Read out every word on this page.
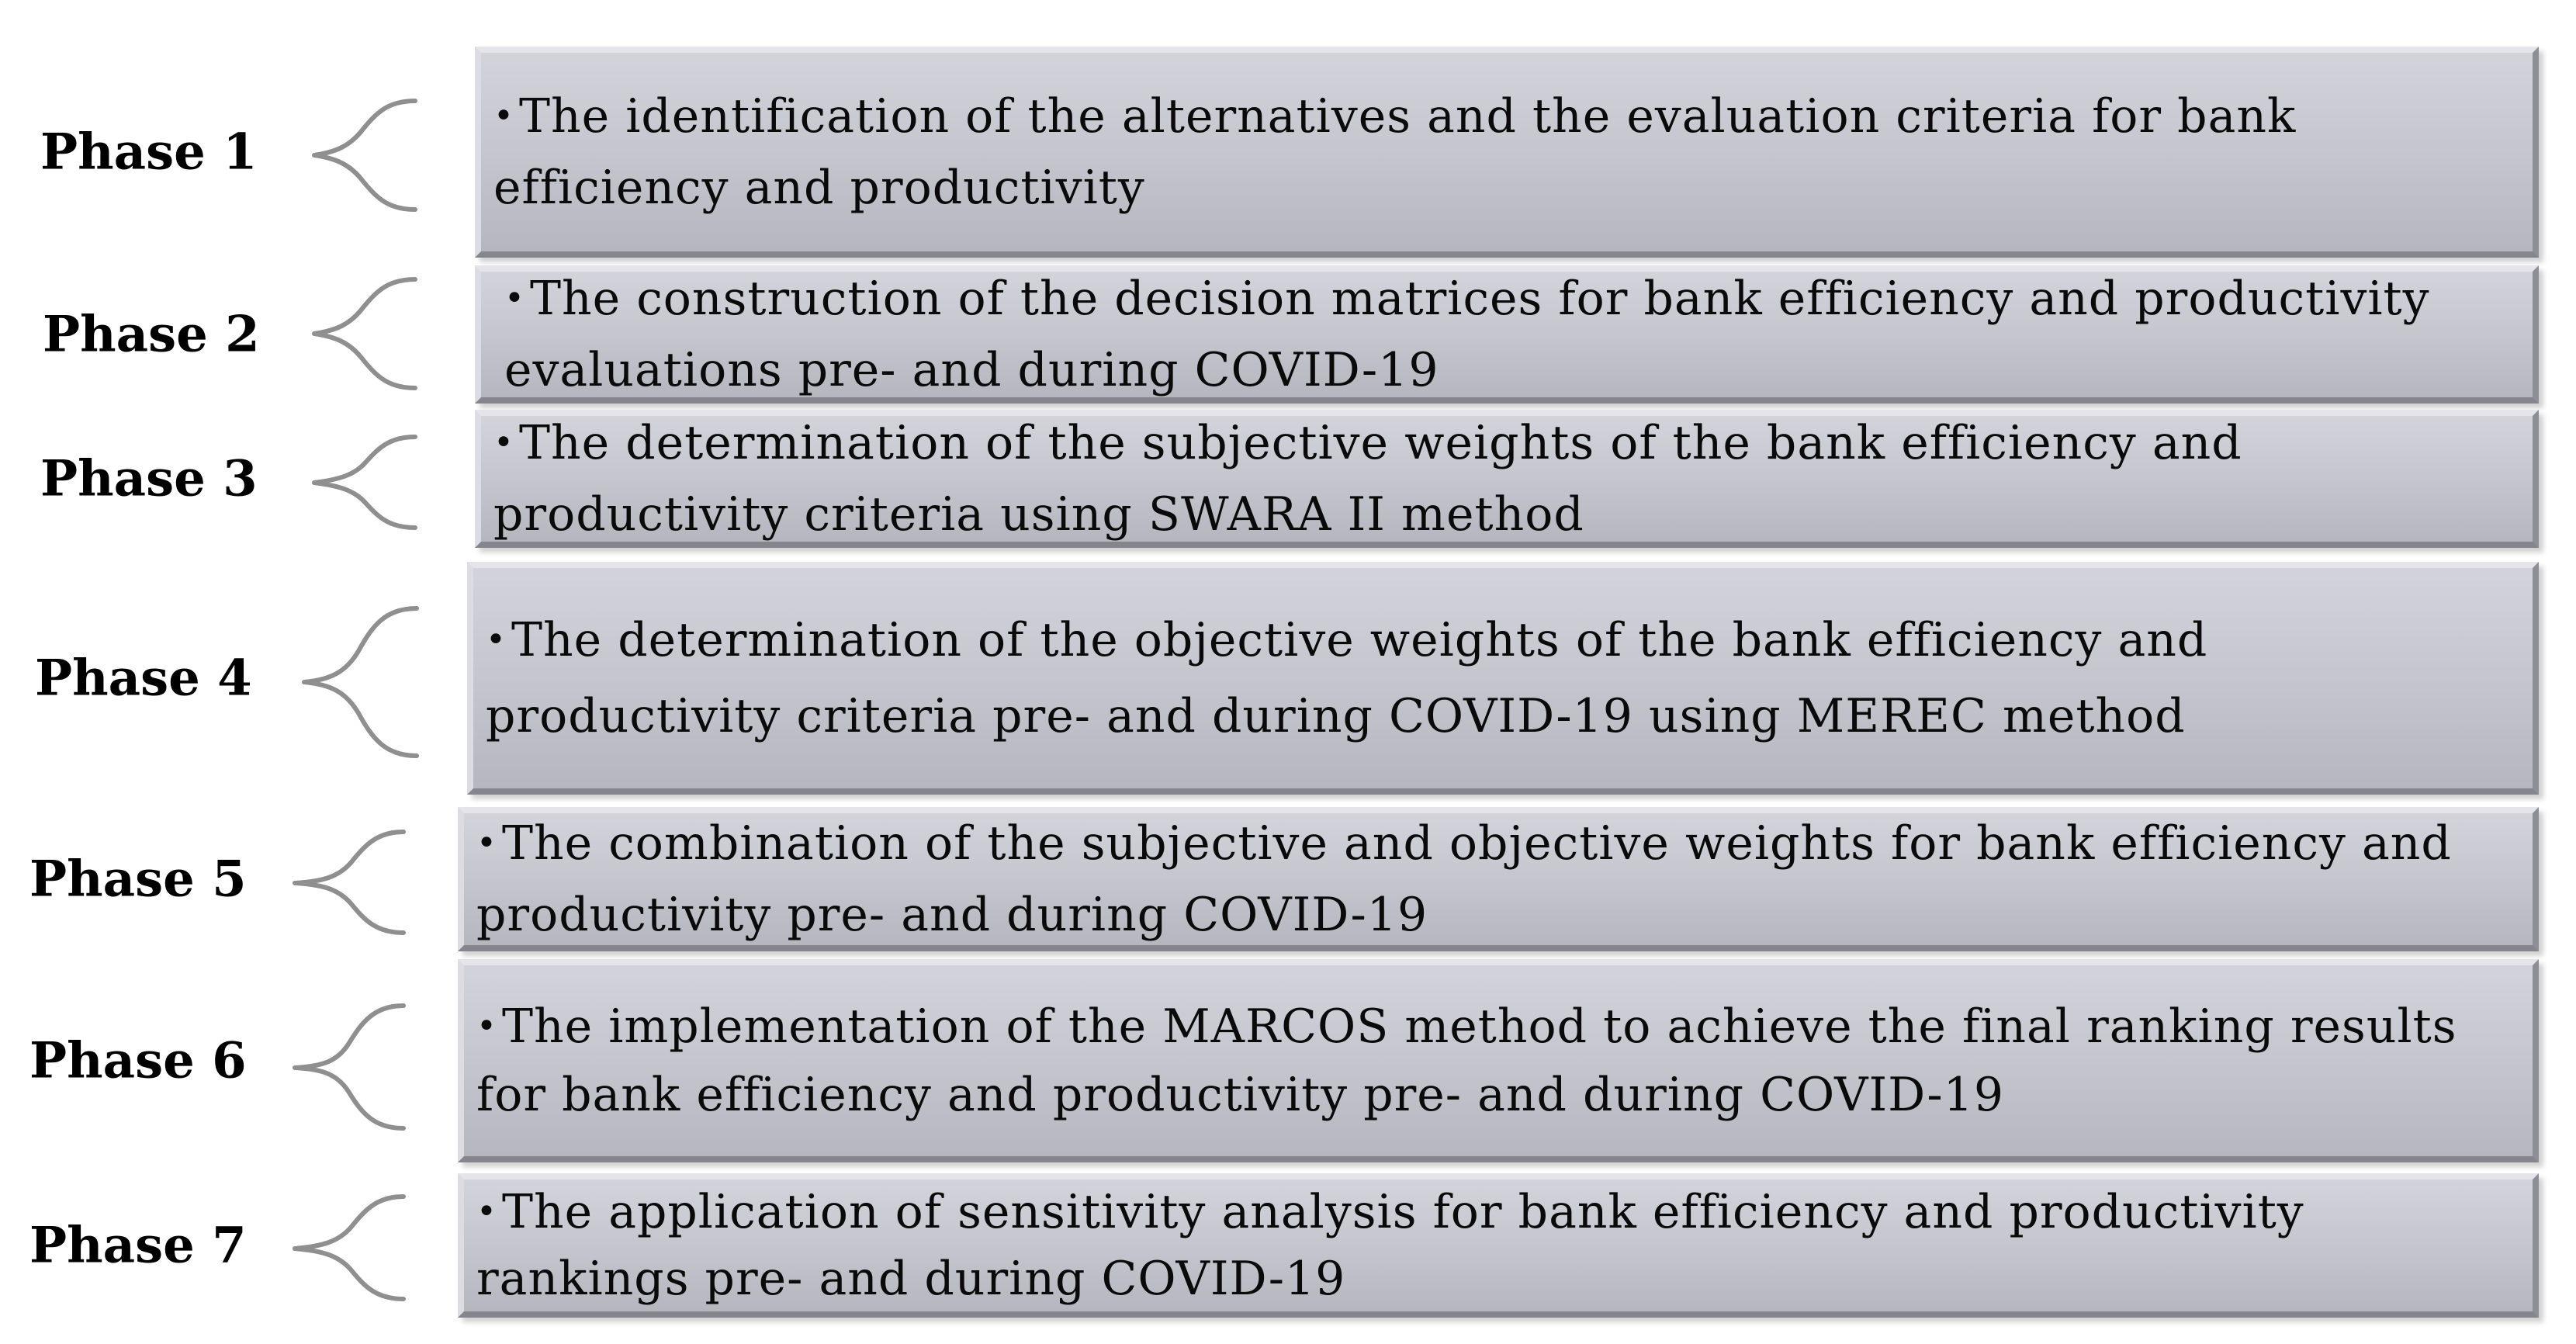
Phase 1
• The identification of the alternatives and the evaluation criteria for bank efficiency and productivity
Phase 2
• The construction of the decision matrices for bank efficiency and productivity evaluations pre- and during COVID-19
Phase 3
• The determination of the subjective weights of the bank efficiency and productivity criteria using SWARA II method
Phase 4
• The determination of the objective weights of the bank efficiency and productivity criteria pre- and during COVID-19 using MEREC method
Phase 5
• The combination of the subjective and objective weights for bank efficiency and productivity pre- and during COVID-19
Phase 6
• The implementation of the MARCOS method to achieve the final ranking results for bank efficiency and productivity pre- and during COVID-19
Phase 7
• The application of sensitivity analysis for bank efficiency and productivity rankings pre- and during COVID-19
